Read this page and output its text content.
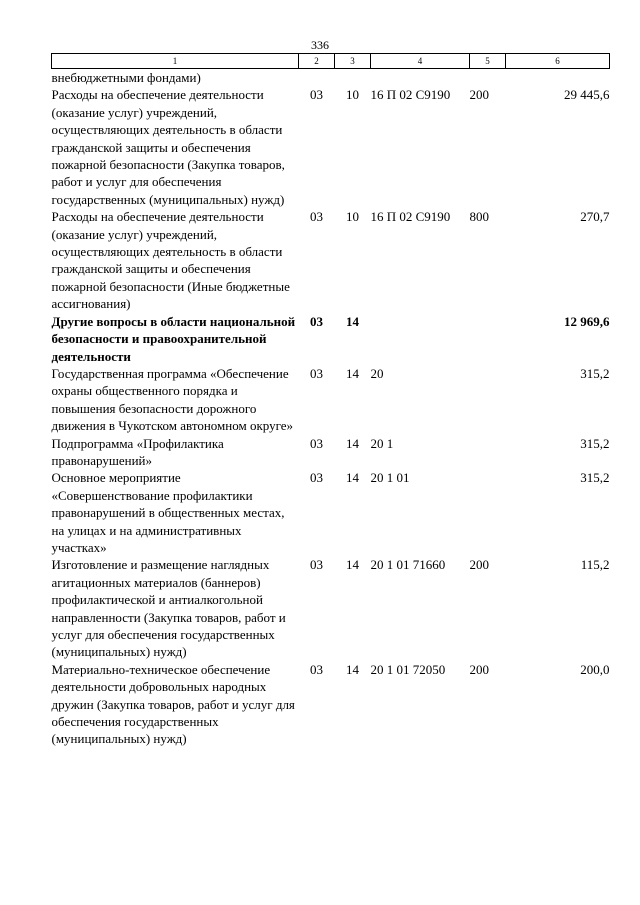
336
1	2	3	4	5	6
внебюджетными фондами)					
Расходы на обеспечение деятельности (оказание услуг) учреждений, осуществляющих деятельность в области гражданской защиты и обеспечения пожарной безопасности (Закупка товаров, работ и услуг для обеспечения государственных (муниципальных) нужд)	03	10	16 П 02 С9190	200	29 445,6
Расходы на обеспечение деятельности (оказание услуг) учреждений, осуществляющих деятельность в области гражданской защиты и обеспечения пожарной безопасности (Иные бюджетные ассигнования)	03	10	16 П 02 С9190	800	270,7
Другие вопросы в области национальной безопасности и правоохранительной деятельности	03	14			12 969,6
Государственная программа «Обеспечение охраны общественного порядка и повышения безопасности дорожного движения в Чукотском автономном округе»	03	14	20		315,2
Подпрограмма «Профилактика правонарушений»	03	14	20 1		315,2
Основное мероприятие «Совершенствование профилактики правонарушений в общественных местах, на улицах и на административных участках»	03	14	20 1 01		315,2
Изготовление и размещение наглядных агитационных материалов (баннеров) профилактической и антиалкогольной направленности (Закупка товаров, работ и услуг для обеспечения государственных (муниципальных) нужд)	03	14	20 1 01 71660	200	115,2
Материально-техническое обеспечение деятельности добровольных народных дружин (Закупка товаров, работ и услуг для обеспечения государственных (муниципальных) нужд)	03	14	20 1 01 72050	200	200,0
